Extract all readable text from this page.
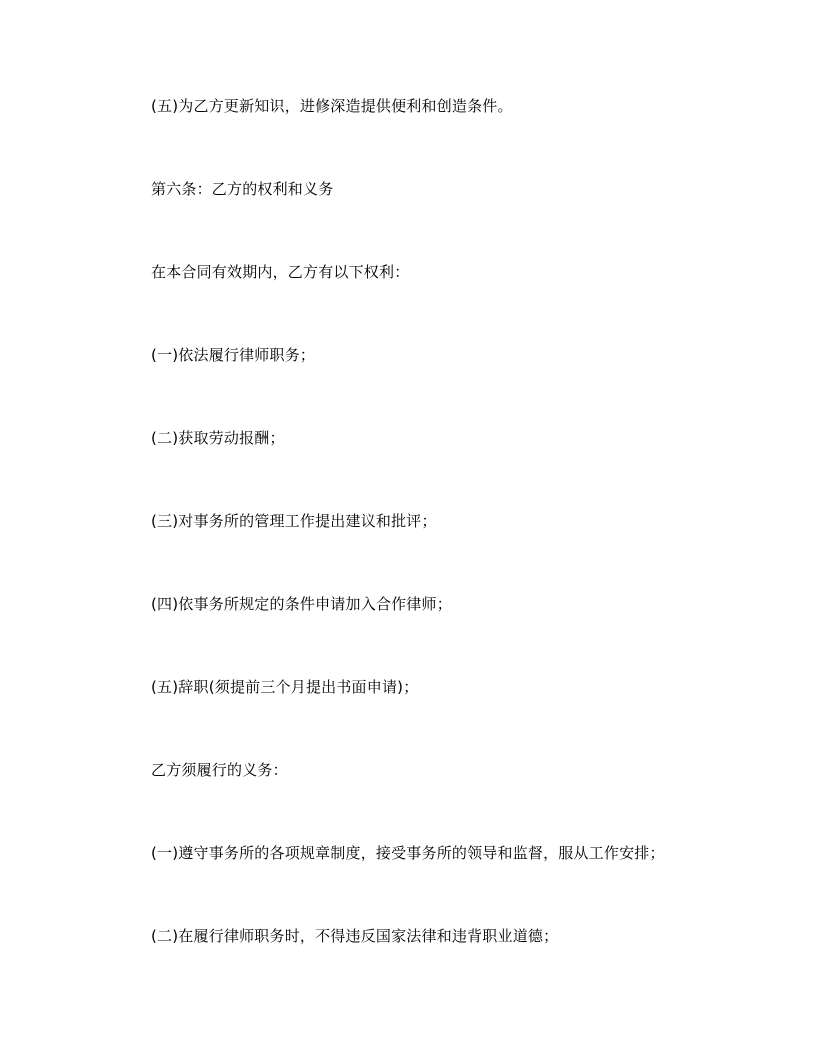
(五)为乙方更新知识，进修深造提供便利和创造条件。

第六条：乙方的权利和义务

在本合同有效期内，乙方有以下权利：

(一)依法履行律师职务；

(二)获取劳动报酬；

(三)对事务所的管理工作提出建议和批评；

(四)依事务所规定的条件申请加入合作律师；

(五)辞职(须提前三个月提出书面申请)；

乙方须履行的义务：

(一)遵守事务所的各项规章制度，接受事务所的领导和监督，服从工作安排；

(二)在履行律师职务时，不得违反国家法律和违背职业道德；
